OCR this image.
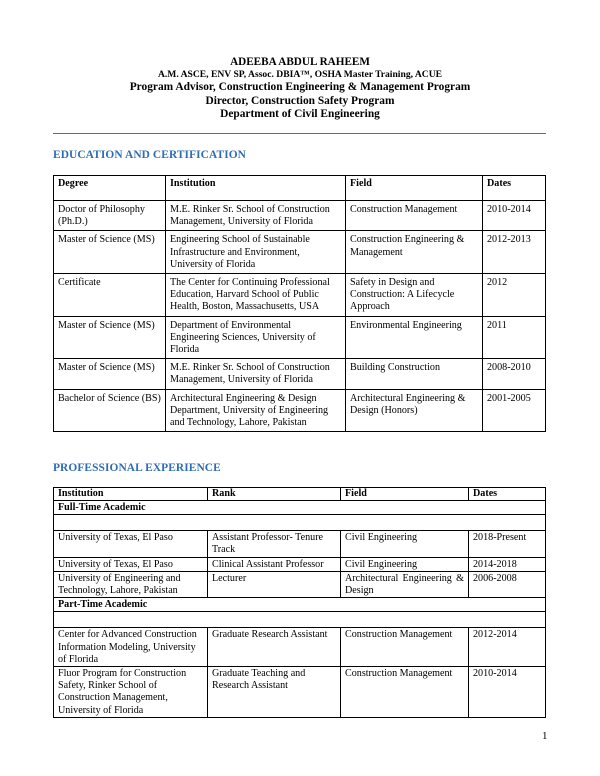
ADEEBA ABDUL RAHEEM
A.M. ASCE, ENV SP, Assoc. DBIA™, OSHA Master Training, ACUE
Program Advisor, Construction Engineering & Management Program
Director, Construction Safety Program
Department of Civil Engineering
EDUCATION AND CERTIFICATION
Degree	Institution	Field	Dates
Doctor of Philosophy (Ph.D.)	M.E. Rinker Sr. School of Construction Management, University of Florida	Construction Management	2010-2014
Master of Science (MS)	Engineering School of Sustainable Infrastructure and Environment, University of Florida	Construction Engineering & Management	2012-2013
Certificate	The Center for Continuing Professional Education, Harvard School of Public Health, Boston, Massachusetts, USA	Safety in Design and Construction: A Lifecycle Approach	2012
Master of Science (MS)	Department of Environmental Engineering Sciences, University of Florida	Environmental Engineering	2011
Master of Science (MS)	M.E. Rinker Sr. School of Construction Management, University of Florida	Building Construction	2008-2010
Bachelor of Science (BS)	Architectural Engineering & Design Department, University of Engineering and Technology, Lahore, Pakistan	Architectural Engineering & Design (Honors)	2001-2005
PROFESSIONAL EXPERIENCE
Institution	Rank	Field	Dates
Full-Time Academic			

University of Texas, El Paso	Assistant Professor- Tenure Track	Civil Engineering	2018-Present
University of Texas, El Paso	Clinical Assistant Professor	Civil Engineering	2014-2018
University of Engineering and Technology, Lahore, Pakistan	Lecturer	Architectural Engineering & Design	2006-2008
Part-Time Academic			

Center for Advanced Construction Information Modeling, University of Florida	Graduate Research Assistant	Construction Management	2012-2014
Fluor Program for Construction Safety, Rinker School of Construction Management, University of Florida	Graduate Teaching and Research Assistant	Construction Management	2010-2014
1
